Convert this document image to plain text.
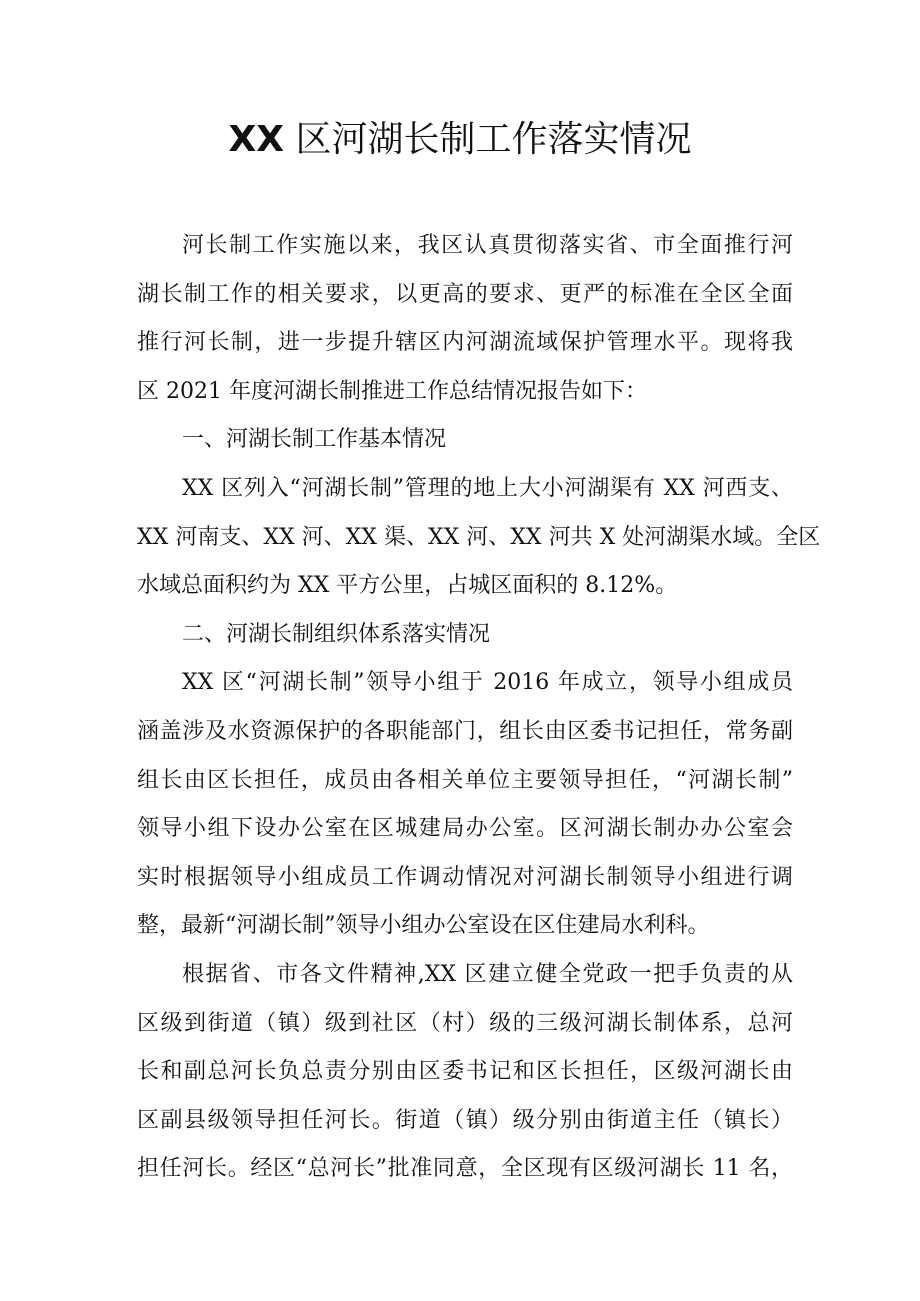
XX 区河湖长制工作落实情况
河长制工作实施以来，我区认真贯彻落实省、市全面推行河
湖长制工作的相关要求，以更高的要求、更严的标准在全区全面
推行河长制，进一步提升辖区内河湖流域保护管理水平。现将我
区 2021 年度河湖长制推进工作总结情况报告如下：
一、河湖长制工作基本情况
XX 区列入“河湖长制”管理的地上大小河湖渠有 XX 河西支、
XX 河南支、XX 河、XX 渠、XX 河、XX 河共 X 处河湖渠水域。全区
水域总面积约为 XX 平方公里，占城区面积的 8.12%。
二、河湖长制组织体系落实情况
XX 区“河湖长制”领导小组于 2016 年成立，领导小组成员
涵盖涉及水资源保护的各职能部门，组长由区委书记担任，常务副
组长由区长担任，成员由各相关单位主要领导担任，“河湖长制”
领导小组下设办公室在区城建局办公室。区河湖长制办办公室会
实时根据领导小组成员工作调动情况对河湖长制领导小组进行调
整，最新“河湖长制”领导小组办公室设在区住建局水利科。
根据省、市各文件精神,XX 区建立健全党政一把手负责的从
区级到街道（镇）级到社区（村）级的三级河湖长制体系，总河
长和副总河长负总责分别由区委书记和区长担任，区级河湖长由
区副县级领导担任河长。街道（镇）级分别由街道主任（镇长）
担任河长。经区“总河长”批准同意，全区现有区级河湖长 11 名，
